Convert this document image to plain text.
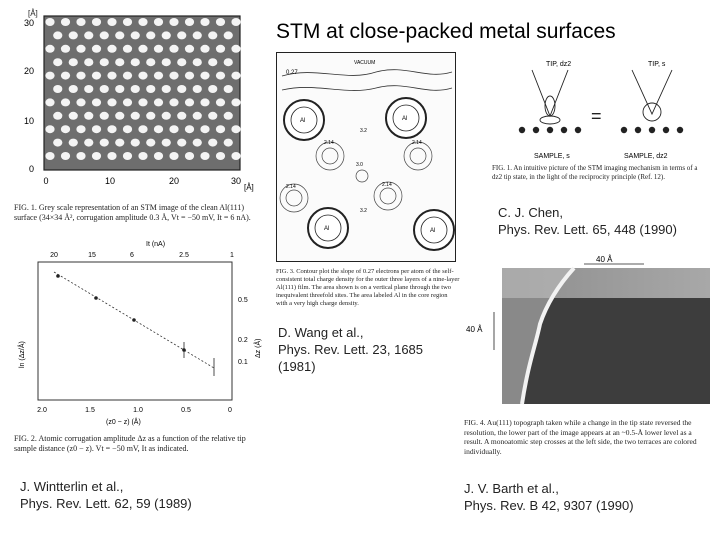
STM at close-packed metal surfaces
[Å]
30
20
10
0
0	10	20	30
[Å]
FIG. 1. Grey scale representation of an STM image of the clean Al(111) surface (34×34 Å², corrugation amplitude 0.3 Å, Vt = −50 mV, It = 6 nA).
It (nA)
20	15	6	2.5	1
0.5
0.2
0.1
Δz (Å)
ln (Δz/Å)
2.0	1.5	1.0	0.5	0
(z0 − z) (Å)
FIG. 2. Atomic corrugation amplitude Δz as a function of the relative tip sample distance (z0 − z). Vt = −50 mV, It as indicated.
VACUUM
0.27
Al	Al
Al	Al
3.2
2.14	2.14
3.0
2.14	2.14
3.2
FIG. 3. Contour plot the slope of 0.27 electrons per atom of the self-consistent total charge density for the outer three layers of a nine-layer Al(111) film. The area shown is on a vertical plane through the two inequivalent threefold sites. The area labeled Al in the core region with a very high charge density.
TIP, dz2	TIP, s
=
SAMPLE, s	SAMPLE, dz2
FIG. 1. An intuitive picture of the STM imaging mechanism in terms of a dz2 tip state, in the light of the reciprocity principle (Ref. 12).
C. J. Chen,
Phys. Rev. Lett. 65, 448 (1990)
40 Å
40 Å
FIG. 4. Au(111) topograph taken while a change in the tip state reversed the resolution, the lower part of the image appears at an ~0.5-Å lower level as a result. A monoatomic step crosses at the left side, the two terraces are colored individually.
D. Wang et al.,
Phys. Rev. Lett. 23, 1685
(1981)
J. Wintterlin et al.,
Phys. Rev. Lett. 62, 59 (1989)
J. V. Barth et al.,
Phys. Rev. B 42, 9307 (1990)
